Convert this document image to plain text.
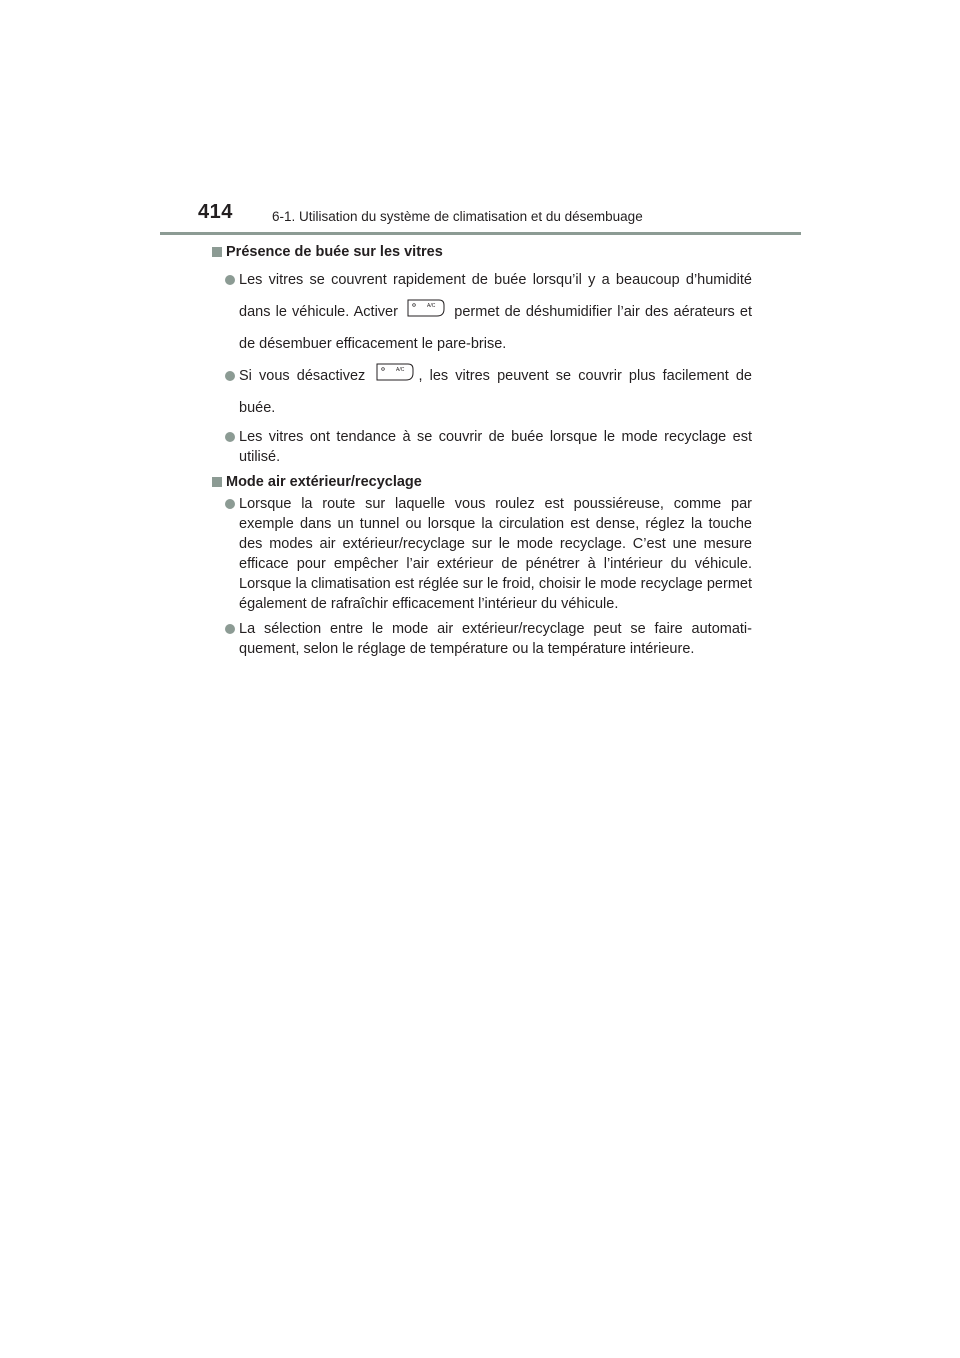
414	6-1. Utilisation du système de climatisation et du désembuage
Présence de buée sur les vitres
Les vitres se couvrent rapidement de buée lorsqu’il y a beaucoup d’humidité dans le véhicule. Activer	A/C permet de déshumidifier l’air des aérateurs et de désembuer efficacement le pare-brise.
Si vous désactivez	A/C , les vitres peuvent se couvrir plus facilement de buée.
Les vitres ont tendance à se couvrir de buée lorsque le mode recyclage est utilisé.
Mode air extérieur/recyclage
Lorsque la route sur laquelle vous roulez est poussiéreuse, comme par exemple dans un tunnel ou lorsque la circulation est dense, réglez la touche des modes air extérieur/recyclage sur le mode recyclage. C’est une mesure efficace pour empêcher l’air extérieur de pénétrer à l’intérieur du véhicule. Lorsque la climatisation est réglée sur le froid, choisir le mode recyclage permet également de rafraîchir efficacement l’intérieur du véhicule.
La sélection entre le mode air extérieur/recyclage peut se faire automati-quement, selon le réglage de température ou la température intérieure.
